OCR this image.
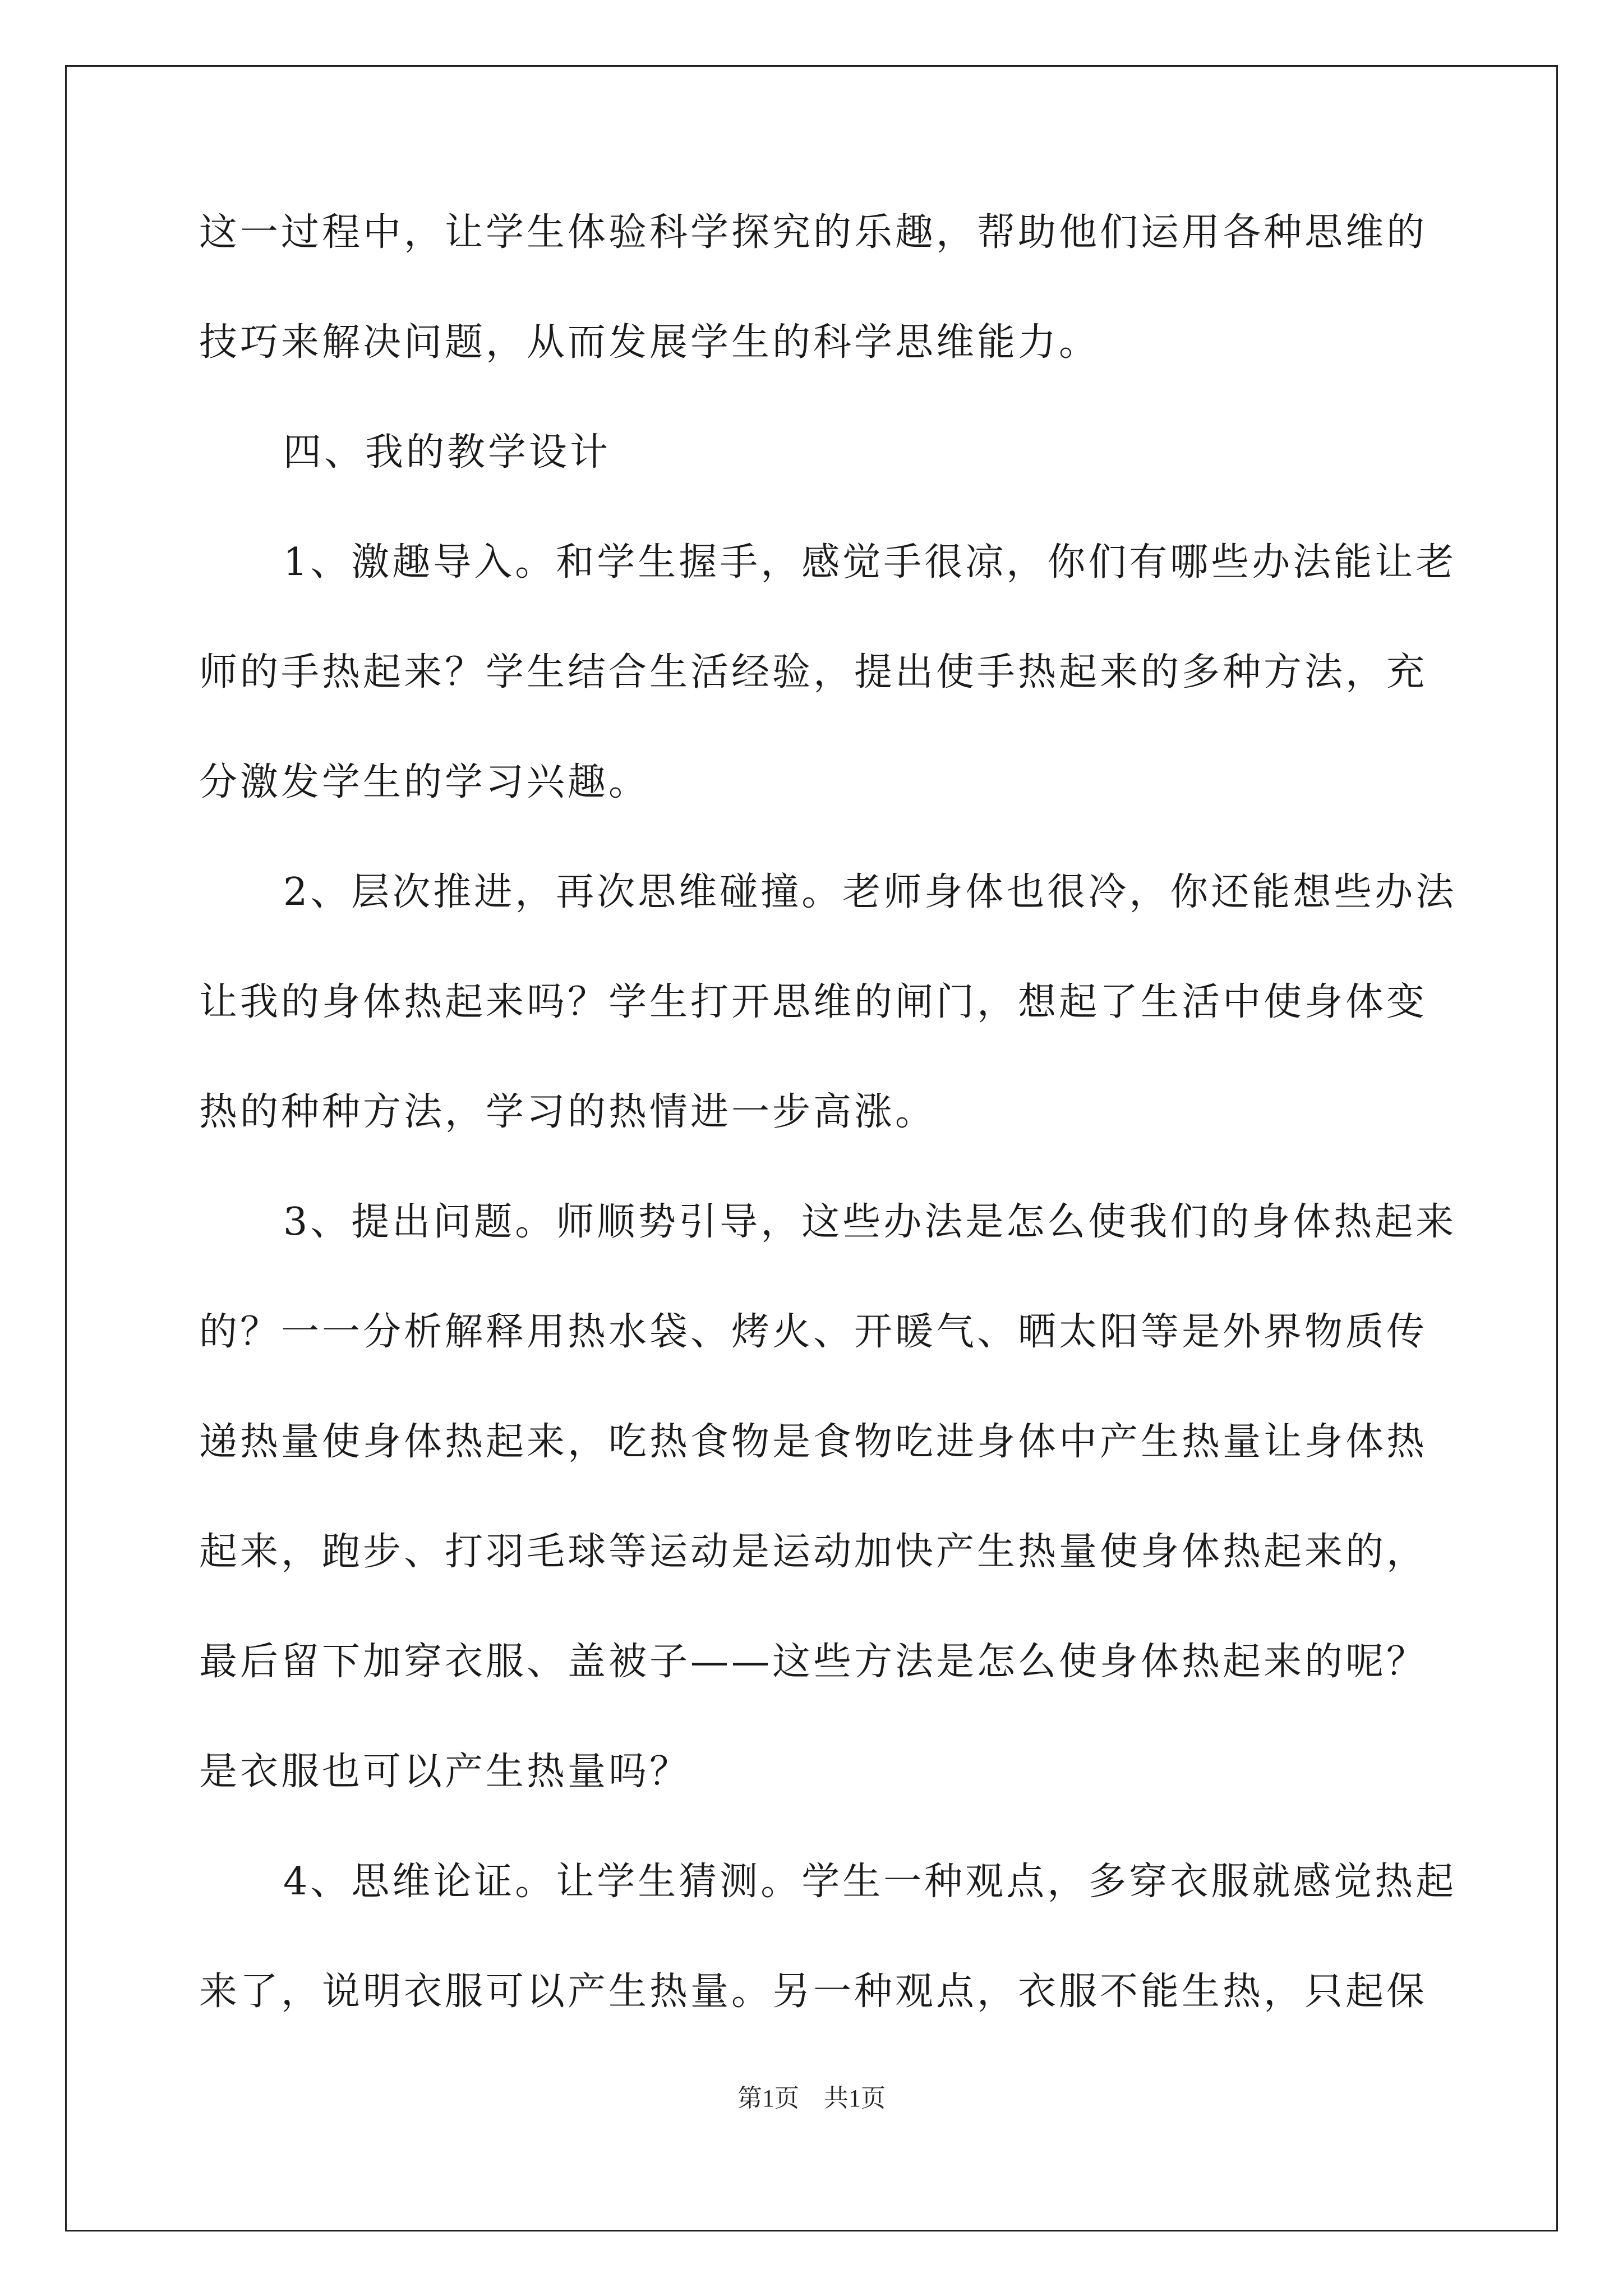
这一过程中，让学生体验科学探究的乐趣，帮助他们运用各种思维的
技巧来解决问题，从而发展学生的科学思维能力。
四、我的教学设计
1、激趣导入。和学生握手，感觉手很凉，你们有哪些办法能让老
师的手热起来？学生结合生活经验，提出使手热起来的多种方法，充
分激发学生的学习兴趣。
2、层次推进，再次思维碰撞。老师身体也很冷，你还能想些办法
让我的身体热起来吗？学生打开思维的闸门，想起了生活中使身体变
热的种种方法，学习的热情进一步高涨。
3、提出问题。师顺势引导，这些办法是怎么使我们的身体热起来
的？一一分析解释用热水袋、烤火、开暖气、晒太阳等是外界物质传
递热量使身体热起来，吃热食物是食物吃进身体中产生热量让身体热
起来，跑步、打羽毛球等运动是运动加快产生热量使身体热起来的，
最后留下加穿衣服、盖被子——这些方法是怎么使身体热起来的呢？
是衣服也可以产生热量吗？
4、思维论证。让学生猜测。学生一种观点，多穿衣服就感觉热起
来了，说明衣服可以产生热量。另一种观点，衣服不能生热，只起保
第1页　共1页
